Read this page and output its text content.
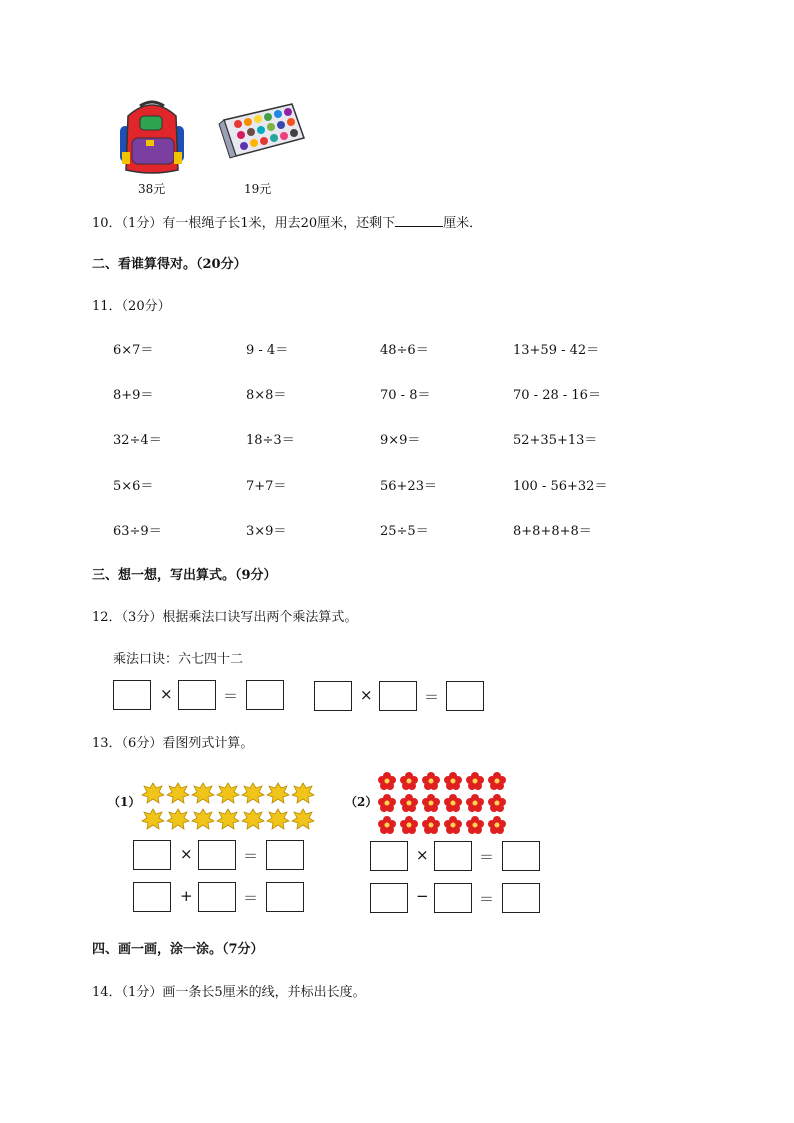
38元	19元
10．（1分）有一根绳子长1米，用去20厘米，还剩下	厘米．
二、看谁算得对。（20分）
11．（20分）
6×7＝	9 - 4＝	48÷6＝	13+59 - 42＝
8+9＝	8×8＝	70 - 8＝	70 - 28 - 16＝
32÷4＝	18÷3＝	9×9＝	52+35+13＝
5×6＝	7+7＝	56+23＝	100 - 56+32＝
63÷9＝	3×9＝	25÷5＝	8+8+8+8＝
三、想一想，写出算式。（9分）
12．（3分）根据乘法口诀写出两个乘法算式。
乘法口诀：六七四十二
×	＝	×	＝
13．（6分）看图列式计算。
（1）
×	＝
+	＝
（2）
×	＝
−	＝
四、画一画，涂一涂。（7分）
14．（1分）画一条长5厘米的线，并标出长度。
